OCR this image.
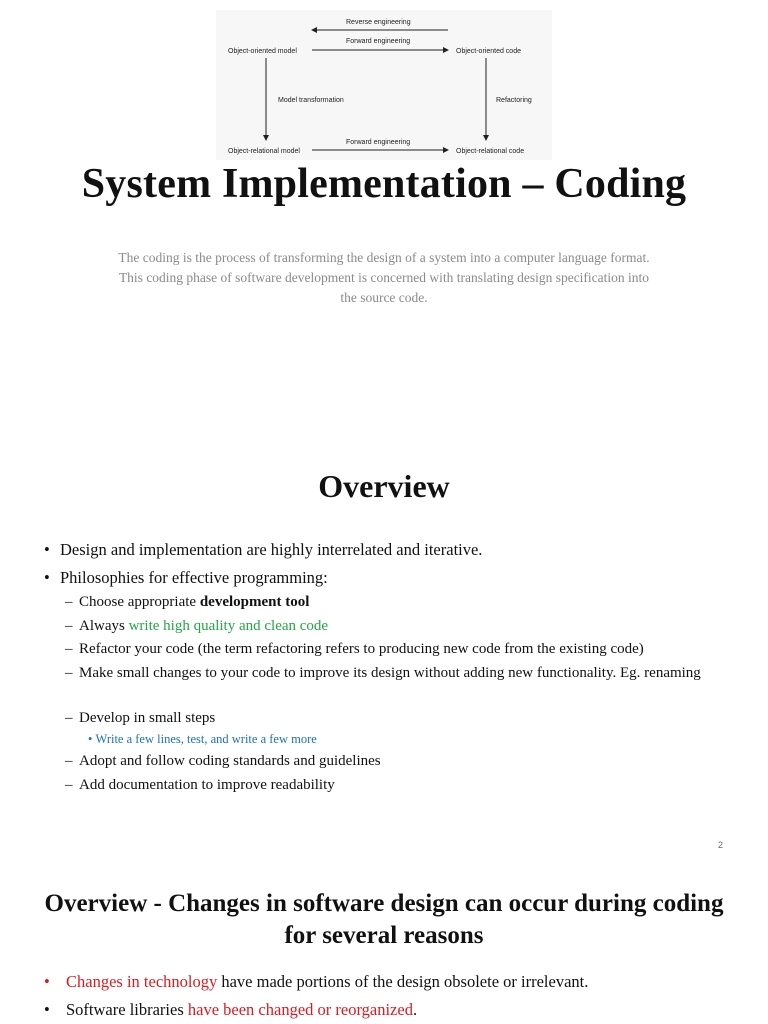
Reverse engineering
Forward engineering
Object-oriented model	Object-oriented code
Model transformation	Refactoring
Forward engineering
Object-relational model	Object-relational code
System Implementation – Coding
The coding is the process of transforming the design of a system into a computer language format. This coding phase of software development is concerned with translating design specification into the source code.
Overview
• Design and implementation are highly interrelated and iterative.
• Philosophies for effective programming:
– Choose appropriate development tool
– Always write high quality and clean code
– Refactor your code (the term refactoring refers to producing new code from the existing code)
– Make small changes to your code to improve its design without adding new functionality. Eg. renaming
– Develop in small steps
• Write a few lines, test, and write a few more
– Adopt and follow coding standards and guidelines
– Add documentation to improve readability
2
Overview - Changes in software design can occur during coding for several reasons
• Changes in technology have made portions of the design obsolete or irrelevant.
• Software libraries have been changed or reorganized.
